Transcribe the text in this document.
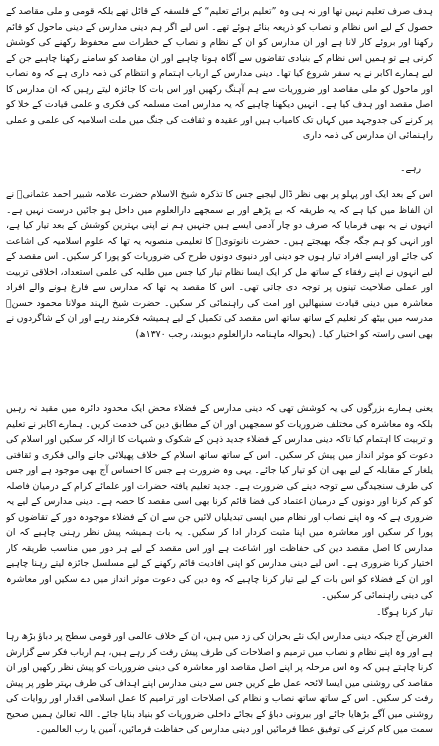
ہدف صرف تعلیم نہیں تھا اور نہ ہی وہ ”تعلیم برائے تعلیم“ کے فلسفہ کے قائل تھے بلکہ قومی و ملی مقاصد کے حصول کے لیے اس نظام و نصاب کو ذریعہ بنائے ہوئے تھے۔ اس لیے اگر ہم دینی مدارس کے دینی ماحول کو قائم رکھنا اور بروئے کار لانا ہے اور ان مدارس کو ان کے نظام و نصاب کے خطرات سے محفوظ رکھنے کی کوشش کرنی ہے تو ہمیں اس نظام کے بنیادی تقاضوں سے آگاہ ہونا چاہیے اور ان مقاصد کو سامنے رکھنا چاہیے جن کے لیے ہمارے اکابر نے یہ سفر شروع کیا تھا۔ دینی مدارس کے ارباب اہتمام و انتظام کی ذمہ داری ہے کہ وہ نصاب اور ماحول کو ملی مقاصد اور ضروریات سے ہم آہنگ رکھیں اور اس بات کا جائزہ لیتے رہیں کہ ان مدارس کا اصل مقصد اور ہدف کیا ہے۔ انہیں دیکھنا چاہیے کہ یہ مدارس امت مسلمہ کی فکری و علمی قیادت کے خلا کو پر کرنے کی جدوجہد میں کہاں تک کامیاب ہیں اور عقیدہ و ثقافت کی جنگ میں ملت اسلامیہ کی علمی و عملی راہنمائی ان مدارس کی ذمہ داری

رہے۔

اس کے بعد ایک اور پہلو پر بھی نظر ڈال لیجیے جس کا تذکرہ شیخ الاسلام حضرت علامہ شبیر احمد عثمانیؒ نے ان الفاظ میں کیا ہے کہ یہ طریقہ کہ بے پڑھے اور بے سمجھے دارالعلوم میں داخل ہو جائیں درست نہیں ہے۔ انہوں نے یہ بھی فرمایا کہ صرف دو چار آدمی ایسے ہیں جنہیں ہم نے اپنی بہترین کوشش کے بعد تیار کیا ہے، اور انہی کو ہم جگہ جگہ بھیجتے ہیں۔ حضرت نانوتویؒ کا تعلیمی منصوبہ یہ تھا کہ علوم اسلامیہ کی اشاعت کی جائے اور ایسے افراد تیار ہوں جو دینی اور دنیوی دونوں طرح کی ضروریات کو پورا کر سکیں۔ اس مقصد کے لیے انہوں نے اپنے رفقاء کے ساتھ مل کر ایک ایسا نظام تیار کیا جس میں طلبہ کی علمی استعداد، اخلاقی تربیت اور عملی صلاحیت تینوں پر توجہ دی جاتی تھی۔ اس کا مقصد یہ تھا کہ مدارس سے فارغ ہونے والے افراد معاشرہ میں دینی قیادت سنبھالیں اور امت کی راہنمائی کر سکیں۔ حضرت شیخ الہند مولانا محمود حسنؒ مدرسہ میں بیٹھ کر تعلیم کے ساتھ ساتھ اس مقصد کی تکمیل کے لیے ہمیشہ فکرمند رہے اور ان کے شاگردوں نے بھی اسی راستہ کو اختیار کیا۔ (بحوالہ ماہنامہ دارالعلوم دیوبند، رجب ۱۳۷۰ھ)

یعنی ہمارے بزرگوں کی یہ کوشش تھی کہ دینی مدارس کے فضلاء محض ایک محدود دائرہ میں مقید نہ رہیں بلکہ وہ معاشرہ کی مختلف ضروریات کو سمجھیں اور ان کے مطابق دین کی خدمت کریں۔ ہمارے اکابر نے تعلیم و تربیت کا اہتمام کیا تاکہ دینی مدارس کے فضلاء جدید ذہن کے شکوک و شبہات کا ازالہ کر سکیں اور اسلام کی دعوت کو موثر انداز میں پیش کر سکیں۔ اس کے ساتھ ساتھ اسلام کے خلاف پھیلائی جانے والی فکری و ثقافتی یلغار کے مقابلہ کے لیے بھی ان کو تیار کیا جائے۔ یہی وہ ضرورت ہے جس کا احساس آج بھی موجود ہے اور جس کی طرف سنجیدگی سے توجہ دینے کی ضرورت ہے۔ جدید تعلیم یافتہ حضرات اور علمائے کرام کے درمیان فاصلہ کو کم کرنا اور دونوں کے درمیان اعتماد کی فضا قائم کرنا بھی اسی مقصد کا حصہ ہے۔ دینی مدارس کے لیے یہ ضروری ہے کہ وہ اپنے نصاب اور نظام میں ایسی تبدیلیاں لائیں جن سے ان کے فضلاء موجودہ دور کے تقاضوں کو پورا کر سکیں اور معاشرہ میں اپنا مثبت کردار ادا کر سکیں۔ یہ بات ہمیشہ پیش نظر رہنی چاہیے کہ ان مدارس کا اصل مقصد دین کی حفاظت اور اشاعت ہے اور اس مقصد کے لیے ہر دور میں مناسب طریقہ کار اختیار کرنا ضروری ہے۔ اس لیے دینی مدارس کو اپنی افادیت قائم رکھنے کے لیے مسلسل جائزہ لیتے رہنا چاہیے اور ان کے فضلاء کو اس بات کے لیے تیار کرنا چاہیے کہ وہ دین کی دعوت موثر انداز میں دے سکیں اور معاشرہ کی دینی راہنمائی کر سکیں۔

تیار کرنا ہوگا۔

الغرض آج جبکہ دینی مدارس ایک نئے بحران کی زد میں ہیں، ان کے خلاف عالمی اور قومی سطح پر دباؤ بڑھ رہا ہے اور وہ اپنے نظام و نصاب میں ترمیم و اصلاحات کی طرف پیش رفت کر رہے ہیں، ہم ارباب فکر سے گزارش کرنا چاہتے ہیں کہ وہ اس مرحلہ پر اپنے اصل مقاصد اور معاشرہ کی دینی ضروریات کو پیش نظر رکھیں اور ان مقاصد کی روشنی میں ایسا لائحہ عمل طے کریں جس سے دینی مدارس اپنے اہداف کی طرف بہتر طور پر پیش رفت کر سکیں۔ اس کے ساتھ ساتھ نصاب و نظام کی اصلاحات اور ترامیم کا عمل اسلامی اقدار اور روایات کی روشنی میں آگے بڑھایا جائے اور بیرونی دباؤ کے بجائے داخلی ضروریات کو بنیاد بنایا جائے۔ اللہ تعالیٰ ہمیں صحیح سمت میں کام کرنے کی توفیق عطا فرمائیں اور دینی مدارس کی حفاظت فرمائیں، آمین یا رب العالمین۔
